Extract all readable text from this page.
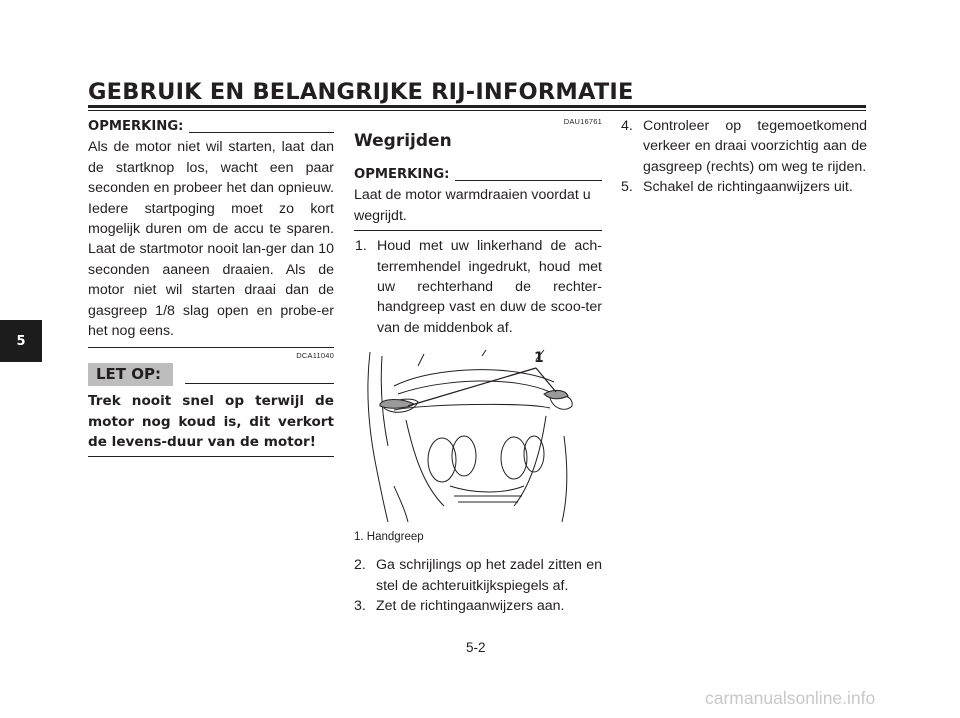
GEBRUIK EN BELANGRIJKE RIJ-INFORMATIE
5
OPMERKING:
Als de motor niet wil starten, laat dan de startknop los, wacht een paar seconden en probeer het dan opnieuw. Iedere startpoging moet zo kort mogelijk duren om de accu te sparen. Laat de startmotor nooit lan-ger dan 10 seconden aaneen draaien. Als de motor niet wil starten draai dan de gasgreep 1/8 slag open en probe-er het nog eens.
DCA11040
LET OP:
Trek nooit snel op terwijl de motor nog koud is, dit verkort de levens-duur van de motor!
DAU16761
Wegrijden
OPMERKING:
Laat de motor warmdraaien voordat u wegrijdt.
1. Houd met uw linkerhand de ach-terremhendel ingedrukt, houd met uw rechterhand de rechter-handgreep vast en duw de scoo-ter van de middenbok af.
1
1. Handgreep
2. Ga schrijlings op het zadel zitten en stel de achteruitkijkspiegels af.
3. Zet de richtingaanwijzers aan.
4. Controleer op tegemoetkomend verkeer en draai voorzichtig aan de gasgreep (rechts) om weg te rijden.
5. Schakel de richtingaanwijzers uit.
5-2
carmanualsonline.info
